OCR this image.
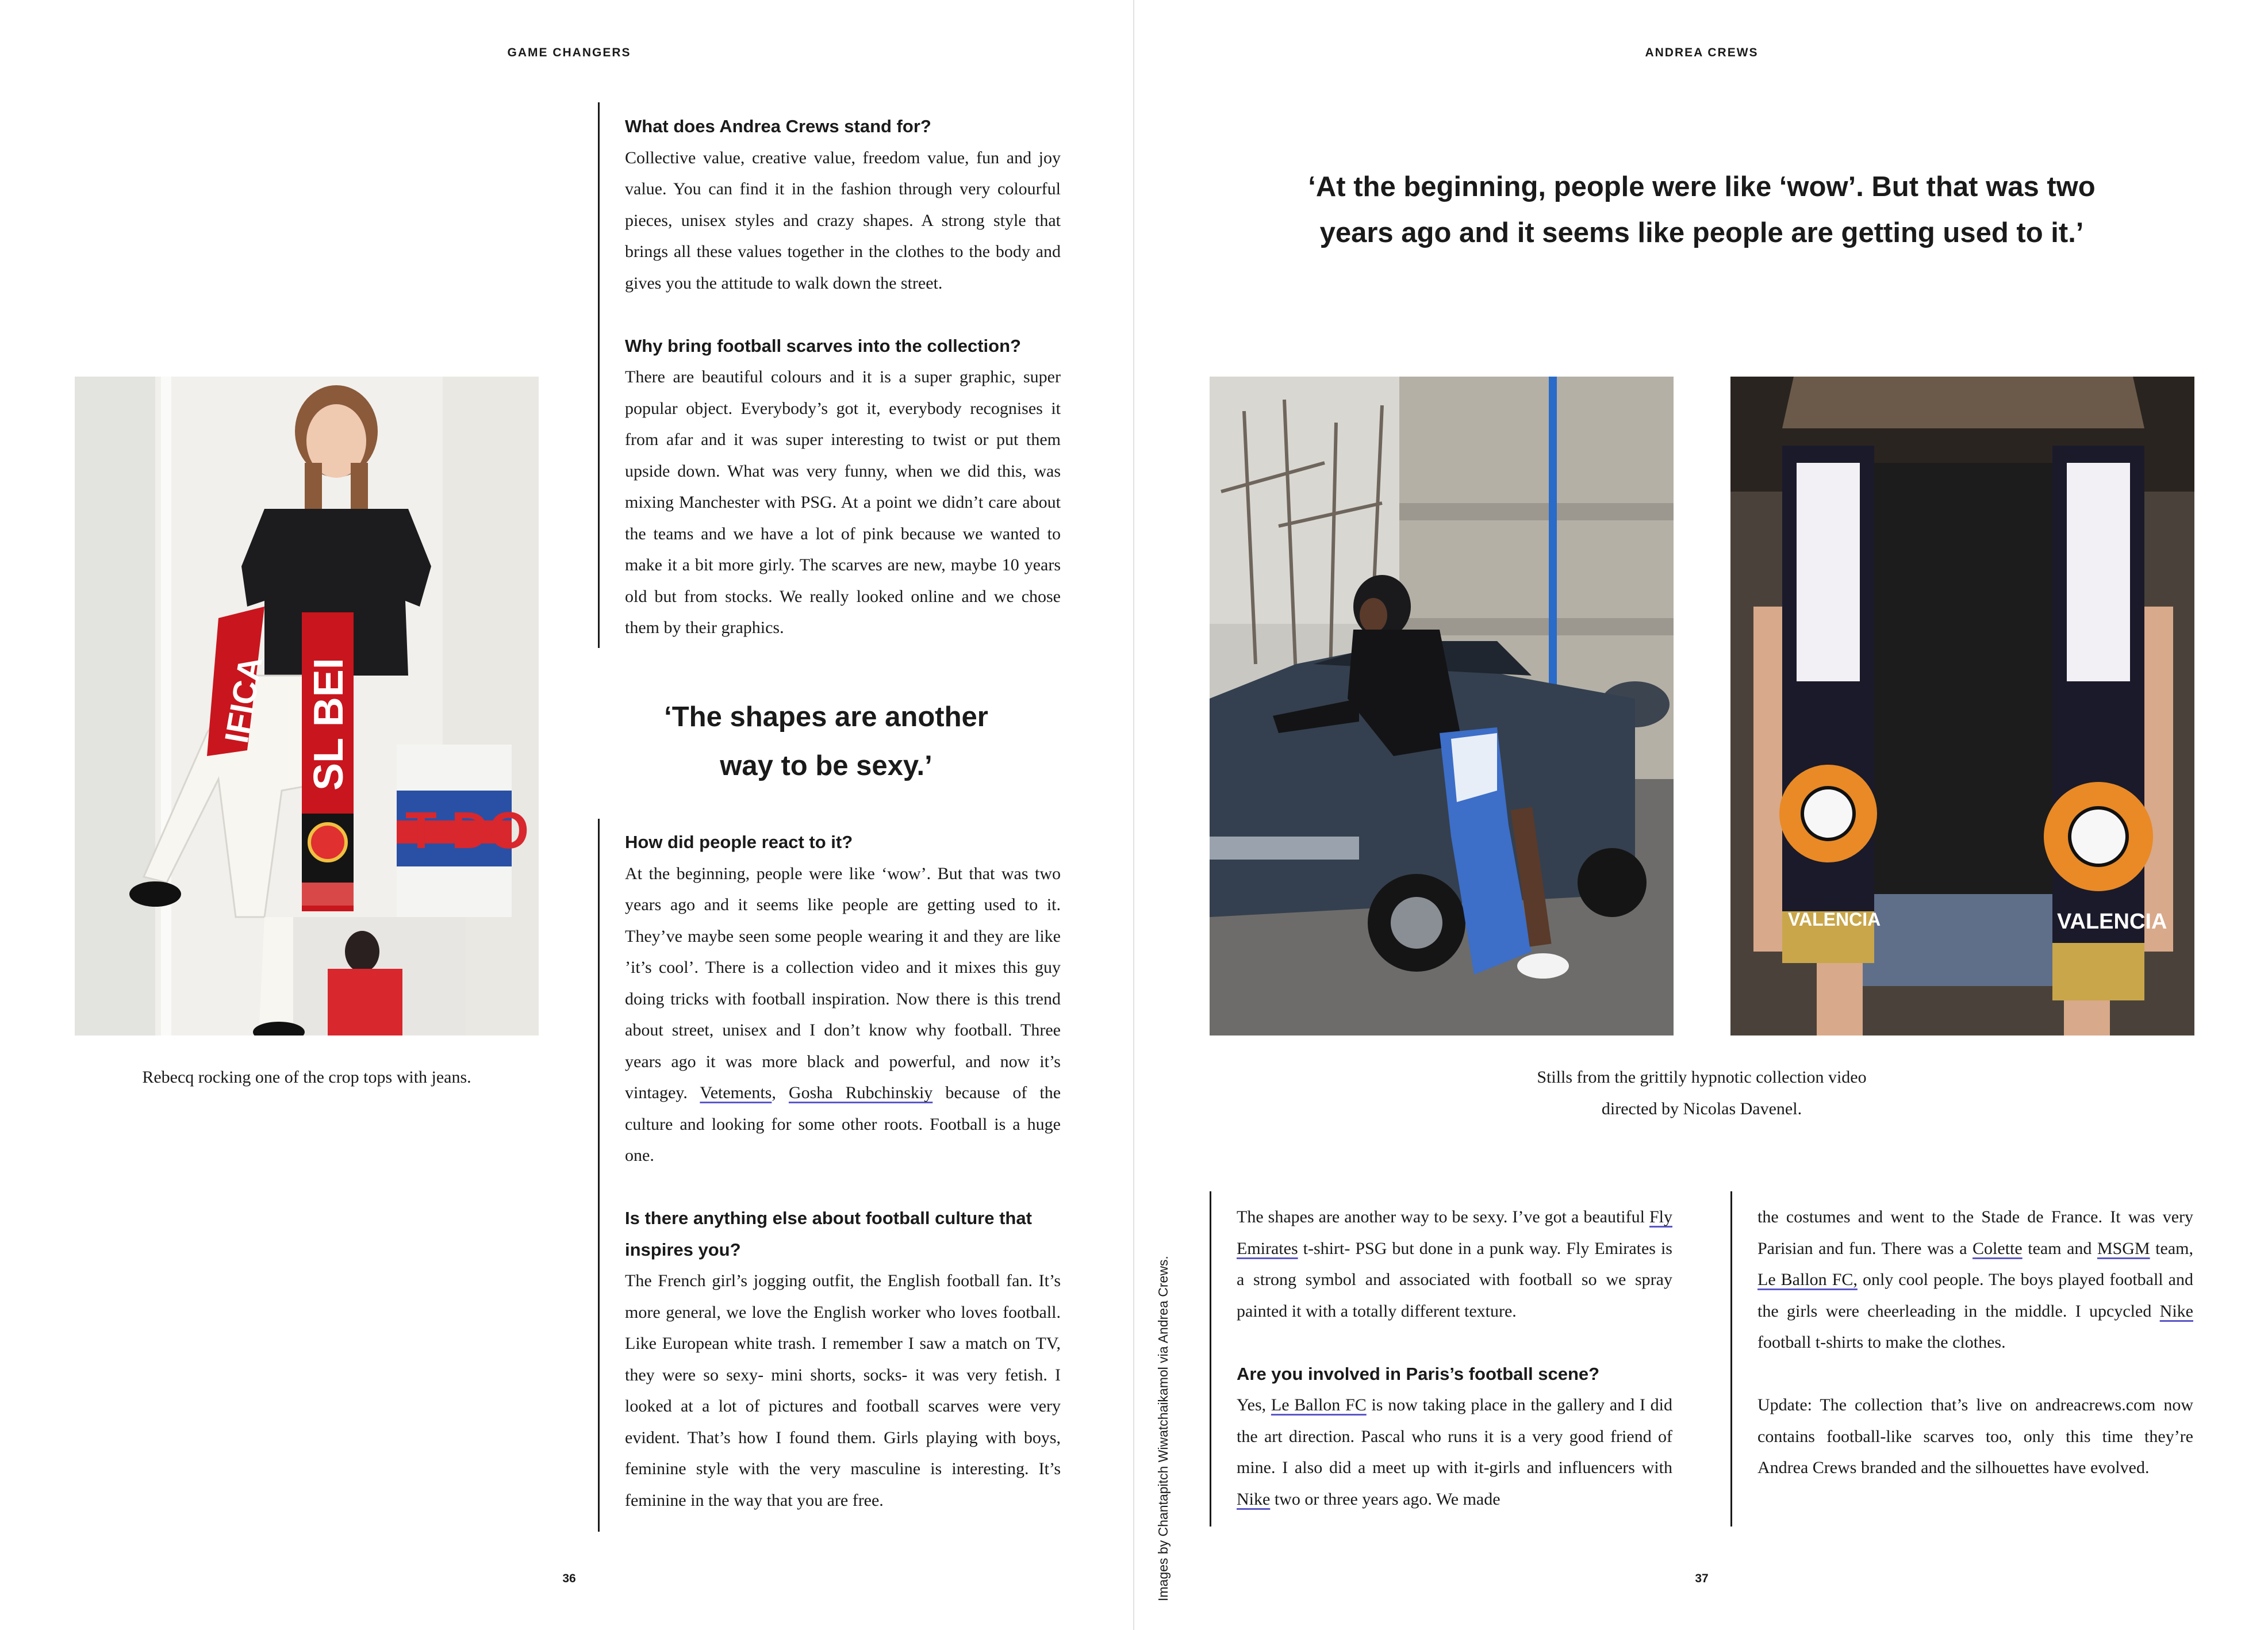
GAME CHANGERS
T DO
SL BEI
IFICA
Rebecq rocking one of the crop tops with jeans.

What does Andrea Crews stand for?
Collective value, creative value, freedom value, fun and joy value. You can find it in the fashion through very colourful pieces, unisex styles and crazy shapes. A strong style that brings all these values together in the clothes to the body and gives you the attitude to walk down the street.

Why bring football scarves into the collection?
There are beautiful colours and it is a super graphic, super popular object. Everybody’s got it, everybody recognises it from afar and it was super interesting to twist or put them upside down. What was very funny, when we did this, was mixing Manchester with PSG. At a point we didn’t care about the teams and we have a lot of pink because we wanted to make it a bit more girly. The scarves are new, maybe 10 years old but from stocks. We really looked online and we chose them by their graphics.

‘The shapes are another
way to be sexy.’

How did people react to it?
At the beginning, people were like ‘wow’. But that was two years ago and it seems like people are getting used to it. They’ve maybe seen some people wearing it and they are like ’it’s cool’. There is a collection video and it mixes this guy doing tricks with football inspiration. Now there is this trend about street, unisex and I don’t know why football. Three years ago it was more black and powerful, and now it’s vintagey. Vetements, Gosha Rubchinskiy because of the culture and looking for some other roots. Football is a huge one.

Is there anything else about football culture that inspires you?
The French girl’s jogging outfit, the English football fan. It’s more general, we love the English worker who loves football. Like European white trash. I remember I saw a match on TV, they were so sexy- mini shorts, socks- it was very fetish. I looked at a lot of pictures and football scarves were very evident. That’s how I found them. Girls playing with boys, feminine style with the very masculine is interesting. It’s feminine in the way that you are free.

36
ANDREA CREWS
‘At the beginning, people were like ‘wow’. But that was two
years ago and it seems like people are getting used to it.’
VALENCIA	VALENCIA
Stills from the grittily hypnotic collection video
directed by Nicolas Davenel.
Images by Chantapitch Wiwatchaikamol via Andrea Crews.

The shapes are another way to be sexy. I’ve got a beautiful Fly Emirates t-shirt- PSG but done in a punk way. Fly Emirates is a strong symbol and associated with football so we spray painted it with a totally different texture.

Are you involved in Paris’s football scene?
Yes, Le Ballon FC is now taking place in the gallery and I did the art direction. Pascal who runs it is a very good friend of mine. I also did a meet up with it-girls and influencers with Nike two or three years ago. We made

the costumes and went to the Stade de France. It was very Parisian and fun. There was a Colette team and MSGM team, Le Ballon FC, only cool people. The boys played football and the girls were cheerleading in the middle. I upcycled Nike football t-shirts to make the clothes.

Update: The collection that’s live on andreacrews.com now contains football-like scarves too, only this time they’re Andrea Crews branded and the silhouettes have evolved.

37
